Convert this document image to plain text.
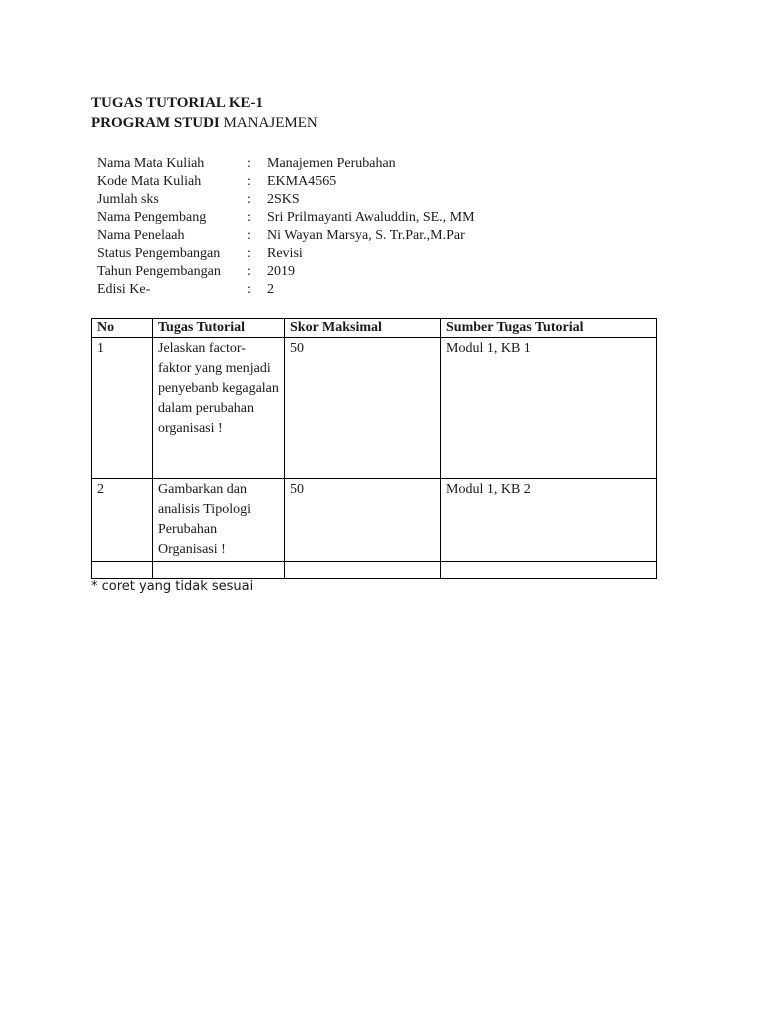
TUGAS TUTORIAL KE-1
PROGRAM STUDI MANAJEMEN
Nama Mata Kuliah	: Manajemen Perubahan
Kode Mata Kuliah	: EKMA4565
Jumlah sks	: 2SKS
Nama Pengembang	: Sri Prilmayanti Awaluddin, SE., MM
Nama Penelaah	: Ni Wayan Marsya, S. Tr.Par.,M.Par
Status Pengembangan : Revisi
Tahun Pengembangan : 2019
Edisi Ke-	: 2
No	Tugas Tutorial	Skor Maksimal	Sumber Tugas Tutorial
1	Jelaskan factor-faktor yang menjadi penyebanb kegagalan dalam perubahan organisasi !	50	Modul 1, KB 1
2	Gambarkan dan analisis Tipologi Perubahan Organisasi !	50	Modul 1, KB 2

* coret yang tidak sesuai
